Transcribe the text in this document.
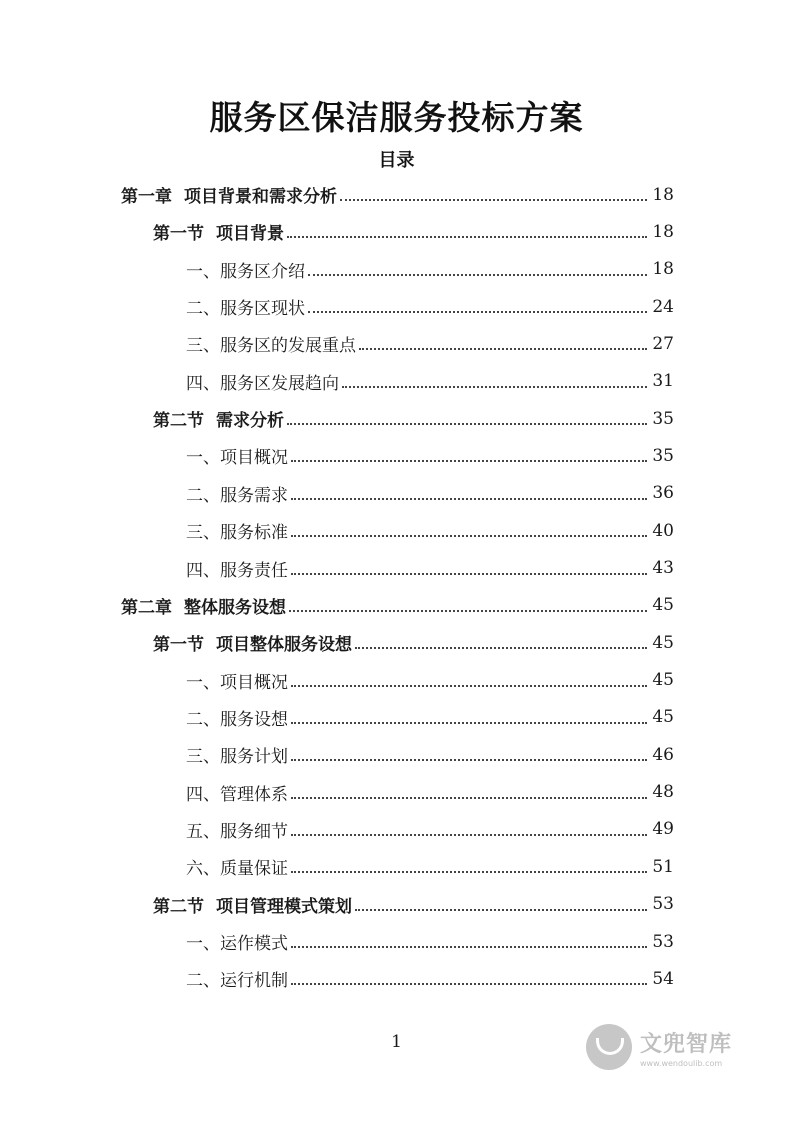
服务区保洁服务投标方案
目录
第一章 项目背景和需求分析	18
第一节 项目背景	18
一、服务区介绍	18
二、服务区现状	24
三、服务区的发展重点	27
四、服务区发展趋向	31
第二节 需求分析	35
一、项目概况	35
二、服务需求	36
三、服务标准	40
四、服务责任	43
第二章 整体服务设想	45
第一节 项目整体服务设想	45
一、项目概况	45
二、服务设想	45
三、服务计划	46
四、管理体系	48
五、服务细节	49
六、质量保证	51
第二节 项目管理模式策划	53
一、运作模式	53
二、运行机制	54
1	文兜智库
www.wendoulib.com
